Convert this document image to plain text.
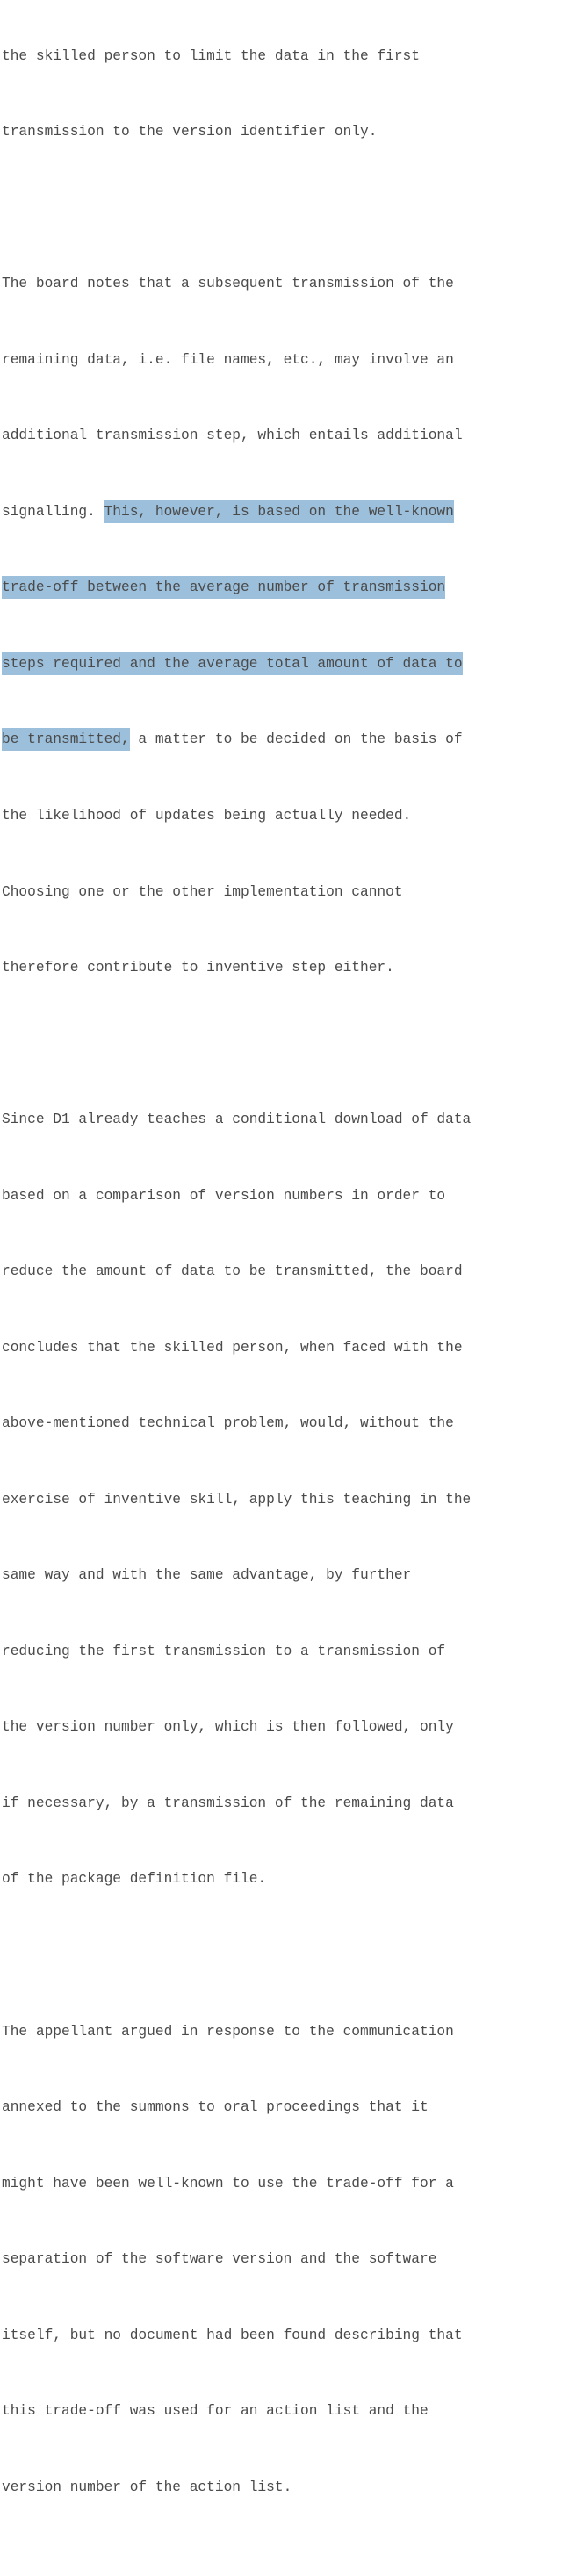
the skilled person to limit the data in the first

transmission to the version identifier only.

The board notes that a subsequent transmission of the

remaining data, i.e. file names, etc., may involve an

additional transmission step, which entails additional

signalling. This, however, is based on the well-known

trade-off between the average number of transmission

steps required and the average total amount of data to

be transmitted, a matter to be decided on the basis of

the likelihood of updates being actually needed.

Choosing one or the other implementation cannot

therefore contribute to inventive step either.

Since D1 already teaches a conditional download of data

based on a comparison of version numbers in order to

reduce the amount of data to be transmitted, the board

concludes that the skilled person, when faced with the

above-mentioned technical problem, would, without the

exercise of inventive skill, apply this teaching in the

same way and with the same advantage, by further

reducing the first transmission to a transmission of

the version number only, which is then followed, only

if necessary, by a transmission of the remaining data

of the package definition file.

The appellant argued in response to the communication

annexed to the summons to oral proceedings that it

might have been well-known to use the trade-off for a

separation of the software version and the software

itself, but no document had been found describing that

this trade-off was used for an action list and the

version number of the action list.
